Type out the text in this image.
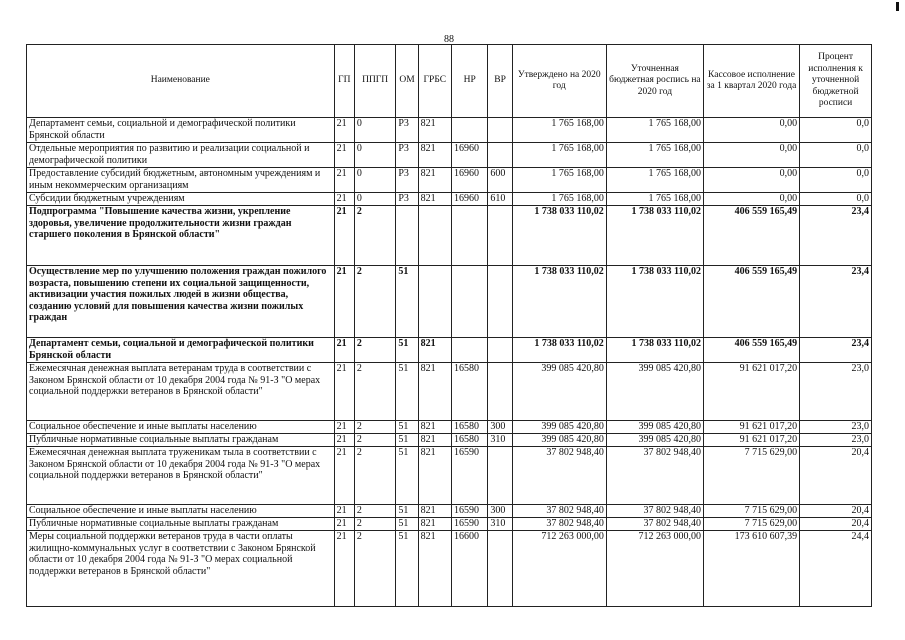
88
Наименование	ГП	ППГП	ОМ	ГРБС	НР	ВР	Утверждено на 2020 год	Уточненная бюджетная роспись на 2020 год	Кассовое исполнение за 1 квартал 2020 года	Процент исполнения к уточненной бюджетной росписи
Департамент семьи, социальной и демографической политики Брянской области	21	0	Р3	821			1 765 168,00	1 765 168,00	0,00	0,0
Отдельные мероприятия по развитию и реализации социальной и демографической политики	21	0	Р3	821	16960		1 765 168,00	1 765 168,00	0,00	0,0
Предоставление субсидий бюджетным, автономным учреждениям и иным некоммерческим организациям	21	0	Р3	821	16960	600	1 765 168,00	1 765 168,00	0,00	0,0
Субсидии бюджетным учреждениям	21	0	Р3	821	16960	610	1 765 168,00	1 765 168,00	0,00	0,0
Подпрограмма "Повышение качества жизни, укрепление здоровья, увеличение продолжительности жизни граждан старшего поколения в Брянской области"	21	2					1 738 033 110,02	1 738 033 110,02	406 559 165,49	23,4
Осуществление мер по улучшению положения граждан пожилого возраста, повышению степени их социальной защищенности, активизации участия пожилых людей в жизни общества, созданию условий для повышения качества жизни пожилых граждан	21	2	51				1 738 033 110,02	1 738 033 110,02	406 559 165,49	23,4
Департамент семьи, социальной и демографической политики Брянской области	21	2	51	821			1 738 033 110,02	1 738 033 110,02	406 559 165,49	23,4
Ежемесячная денежная выплата ветеранам труда в соответствии с Законом Брянской области от 10 декабря 2004 года № 91-З "О мерах социальной поддержки ветеранов в Брянской области"	21	2	51	821	16580		399 085 420,80	399 085 420,80	91 621 017,20	23,0
Социальное обеспечение и иные выплаты населению	21	2	51	821	16580	300	399 085 420,80	399 085 420,80	91 621 017,20	23,0
Публичные нормативные социальные выплаты гражданам	21	2	51	821	16580	310	399 085 420,80	399 085 420,80	91 621 017,20	23,0
Ежемесячная денежная выплата труженикам тыла в соответствии с Законом Брянской области от 10 декабря 2004 года № 91-З "О мерах социальной поддержки ветеранов в Брянской области"	21	2	51	821	16590		37 802 948,40	37 802 948,40	7 715 629,00	20,4
Социальное обеспечение и иные выплаты населению	21	2	51	821	16590	300	37 802 948,40	37 802 948,40	7 715 629,00	20,4
Публичные нормативные социальные выплаты гражданам	21	2	51	821	16590	310	37 802 948,40	37 802 948,40	7 715 629,00	20,4
Меры социальной поддержки ветеранов труда в части оплаты жилищно-коммунальных услуг в соответствии с Законом Брянской области от 10 декабря 2004 года № 91-З "О мерах социальной поддержки ветеранов в Брянской области"	21	2	51	821	16600		712 263 000,00	712 263 000,00	173 610 607,39	24,4
